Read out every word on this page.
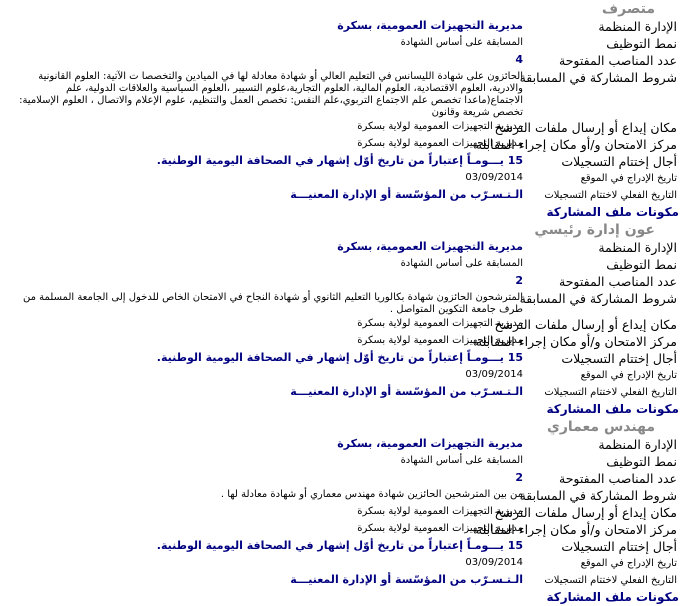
متصرف
الإدارة المنظمة
مديرية التجهيزات العمومية، بسكرة
نمط التوظيف
المسابقة على أساس الشهادة
عدد المناصب المفتوحة
4
شروط المشاركة في المسابقة
الحائزون على شهادة الليسانس في التعليم العالي أو شهادة معادلة لها في الميادين والتخصصا ت الآتية: العلوم القانونية والادرية، العلوم الاقتصادية، العلوم المالية، العلوم التجارية،علوم التسيير ،العلوم السياسية والعلاقات الدولية، علم الاجتماع(ماعدا تخصص علم الاجتماع التربوي،علم النفس: تخصص العمل والتنظيم، علوم الإعلام والاتصال ، العلوم الإسلامية: تخصص شريعة وقانون
مكان إيداع أو إرسال ملفات الترشح
مديرية التجهيزات العمومية لولاية بسكرة
مركز الامتحان و/أو مكان إجراء المقابلة
مديرية التجهيزات العمومية لولاية بسكرة
أجال إختتام التسجيلات
15 يـــومـاً إعتباراً من تاريخ أوّل إشهار في الصحافة اليومية الوطنية.
تاريخ الإدراج في الموقع
03/09/2014
التاريخ الفعلي لاختتام التسجيلات
الـتـسـرّب من المؤسّسة أو الإدارة المعنيـــة
مكونات ملف المشاركة
عون إدارة رئيسي
الإدارة المنظمة
مديرية التجهيزات العمومية، بسكرة
نمط التوظيف
المسابقة على أساس الشهادة
عدد المناصب المفتوحة
2
شروط المشاركة في المسابقة
المترشحون الحائزون شهادة بكالوريا التعليم الثانوي أو شهادة النجاح في الامتحان الخاص للدخول إلى الجامعة المسلمة من طرف جامعة التكوين المتواصل .
مكان إيداع أو إرسال ملفات الترشح
مديرية التجهيزات العمومية لولاية بسكرة
مركز الامتحان و/أو مكان إجراء المقابلة
مديرية التجهيزات العمومية لولاية بسكرة
أجال إختتام التسجيلات
15 يـــومـاً إعتباراً من تاريخ أوّل إشهار في الصحافة اليومية الوطنية.
تاريخ الإدراج في الموقع
03/09/2014
التاريخ الفعلي لاختتام التسجيلات
الـتـسـرّب من المؤسّسة أو الإدارة المعنيـــة
مكونات ملف المشاركة
مهندس معماري
الإدارة المنظمة
مديرية التجهيزات العمومية، بسكرة
نمط التوظيف
المسابقة على أساس الشهادة
عدد المناصب المفتوحة
2
شروط المشاركة في المسابقة
من بين المترشحين الحائزين شهادة مهندس معماري أو شهادة معادلة لها .
مكان إيداع أو إرسال ملفات الترشح
مديرية التجهيزات العمومية لولاية بسكرة
مركز الامتحان و/أو مكان إجراء المقابلة
مديرية التجهيزات العمومية لولاية بسكرة
أجال إختتام التسجيلات
15 يـــومـاً إعتباراً من تاريخ أوّل إشهار في الصحافة اليومية الوطنية.
تاريخ الإدراج في الموقع
03/09/2014
التاريخ الفعلي لاختتام التسجيلات
الـتـسـرّب من المؤسّسة أو الإدارة المعنيـــة
مكونات ملف المشاركة
